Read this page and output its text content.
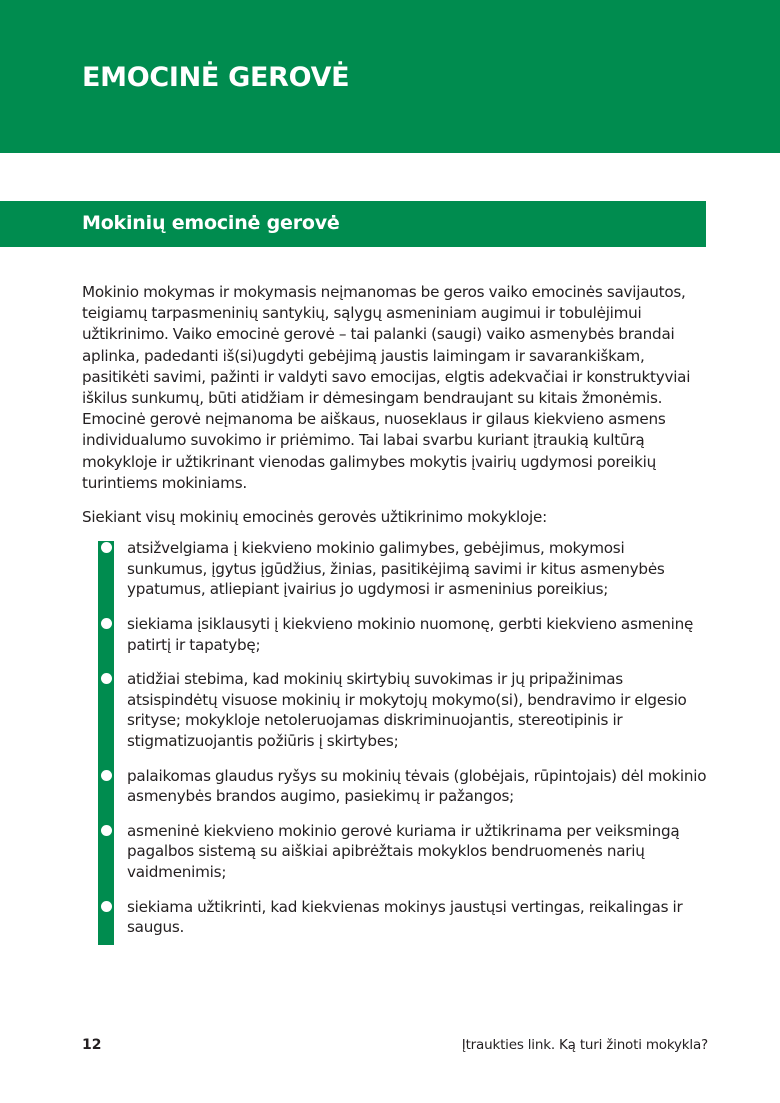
EMOCINĖ GEROVĖ
Mokinių emocinė gerovė

Mokinio mokymas ir mokymasis neįmanomas be geros vaiko emocinės savijautos, teigiamų tarpasmeninių santykių, sąlygų asmeniniam augimui ir tobulėjimui užtikrinimo. Vaiko emocinė gerovė – tai palanki (saugi) vaiko asmenybės brandai aplinka, padedanti iš(si)ugdyti gebėjimą jaustis laimingam ir savarankiškam, pasitikėti savimi, pažinti ir valdyti savo emocijas, elgtis adekvačiai ir konstruktyviai iškilus sunkumų, būti atidžiam ir dėmesingam bendraujant su kitais žmonėmis. Emocinė gerovė neįmanoma be aiškaus, nuoseklaus ir gilaus kiekvieno asmens individualumo suvokimo ir priėmimo. Tai labai svarbu kuriant įtraukią kultūrą mokykloje ir užtikrinant vienodas galimybes mokytis įvairių ugdymosi poreikių turintiems mokiniams.

Siekiant visų mokinių emocinės gerovės užtikrinimo mokykloje:

atsižvelgiama į kiekvieno mokinio galimybes, gebėjimus, mokymosi sunkumus, įgytus įgūdžius, žinias, pasitikėjimą savimi ir kitus asmenybės ypatumus, atliepiant įvairius jo ugdymosi ir asmeninius poreikius;
siekiama įsiklausyti į kiekvieno mokinio nuomonę, gerbti kiekvieno asmeninę patirtį ir tapatybę;
atidžiai stebima, kad mokinių skirtybių suvokimas ir jų pripažinimas atsispindėtų visuose mokinių ir mokytojų mokymo(si), bendravimo ir elgesio srityse; mokykloje netoleruojamas diskriminuojantis, stereotipinis ir stigmatizuojantis požiūris į skirtybes;
palaikomas glaudus ryšys su mokinių tėvais (globėjais, rūpintojais) dėl mokinio asmenybės brandos augimo, pasiekimų ir pažangos;
asmeninė kiekvieno mokinio gerovė kuriama ir užtikrinama per veiksmingą pagalbos sistemą su aiškiai apibrėžtais mokyklos bendruomenės narių vaidmenimis;
siekiama užtikrinti, kad kiekvienas mokinys jaustųsi vertingas, reikalingas ir saugus.
12	Įtraukties link. Ką turi žinoti mokykla?
